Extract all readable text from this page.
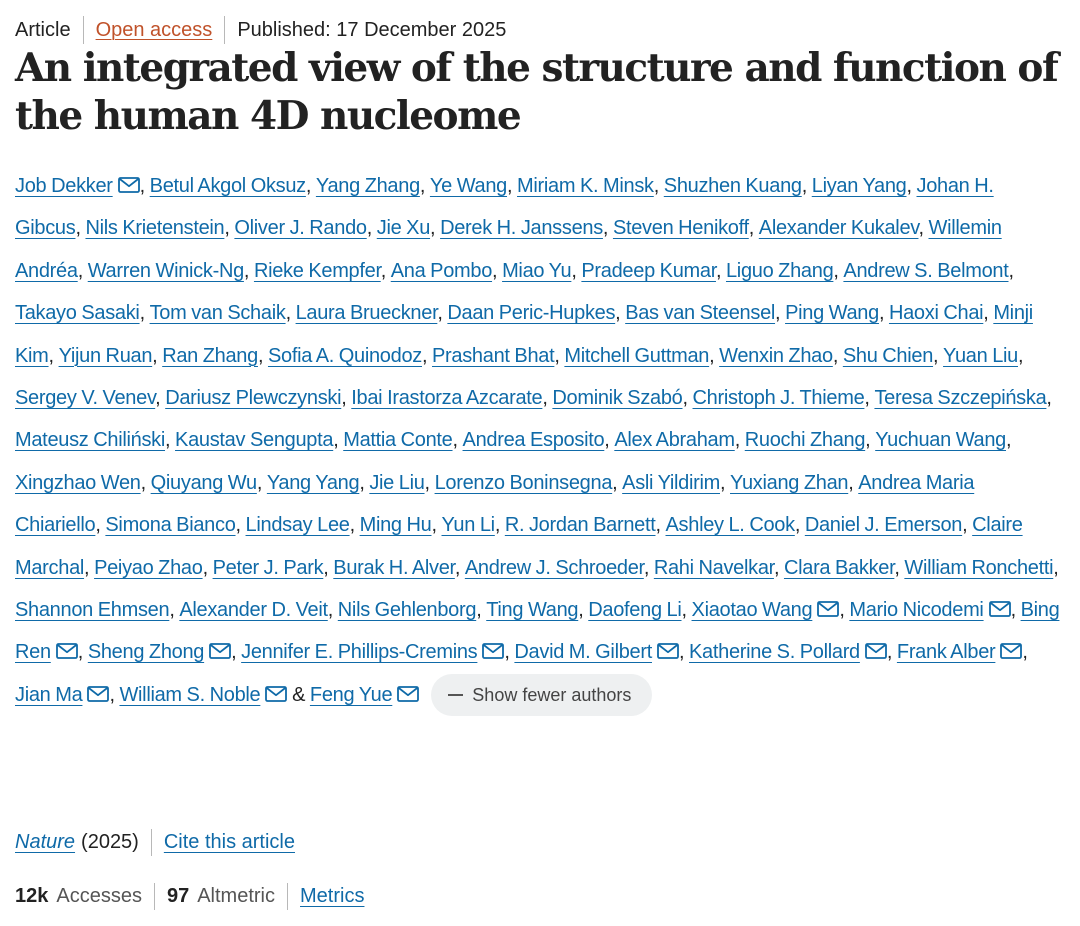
Article Open access Published: 17 December 2025
An integrated view of the structure and function of the human 4D nucleome
Job Dekker , Betul Akgol Oksuz, Yang Zhang, Ye Wang, Miriam K. Minsk, Shuzhen Kuang, Liyan Yang, Johan H. Gibcus, Nils Krietenstein, Oliver J. Rando, Jie Xu, Derek H. Janssens, Steven Henikoff, Alexander Kukalev, Willemin Andréa, Warren Winick-Ng, Rieke Kempfer, Ana Pombo, Miao Yu, Pradeep Kumar, Liguo Zhang, Andrew S. Belmont, Takayo Sasaki, Tom van Schaik, Laura Brueckner, Daan Peric-Hupkes, Bas van Steensel, Ping Wang, Haoxi Chai, Minji Kim, Yijun Ruan, Ran Zhang, Sofia A. Quinodoz, Prashant Bhat, Mitchell Guttman, Wenxin Zhao, Shu Chien, Yuan Liu, Sergey V. Venev, Dariusz Plewczynski, Ibai Irastorza Azcarate, Dominik Szabó, Christoph J. Thieme, Teresa Szczepińska, Mateusz Chiliński, Kaustav Sengupta, Mattia Conte, Andrea Esposito, Alex Abraham, Ruochi Zhang, Yuchuan Wang, Xingzhao Wen, Qiuyang Wu, Yang Yang, Jie Liu, Lorenzo Boninsegna, Asli Yildirim, Yuxiang Zhan, Andrea Maria Chiariello, Simona Bianco, Lindsay Lee, Ming Hu, Yun Li, R. Jordan Barnett, Ashley L. Cook, Daniel J. Emerson, Claire Marchal, Peiyao Zhao, Peter J. Park, Burak H. Alver, Andrew J. Schroeder, Rahi Navelkar, Clara Bakker, William Ronchetti, Shannon Ehmsen, Alexander D. Veit, Nils Gehlenborg, Ting Wang, Daofeng Li, Xiaotao Wang , Mario Nicodemi , Bing Ren , Sheng Zhong , Jennifer E. Phillips-Cremins , David M. Gilbert , Katherine S. Pollard , Frank Alber , Jian Ma , William S. Noble
& Feng Yue	Show fewer authors
Nature (2025) Cite this article
12k Accesses 97 Altmetric Metrics
